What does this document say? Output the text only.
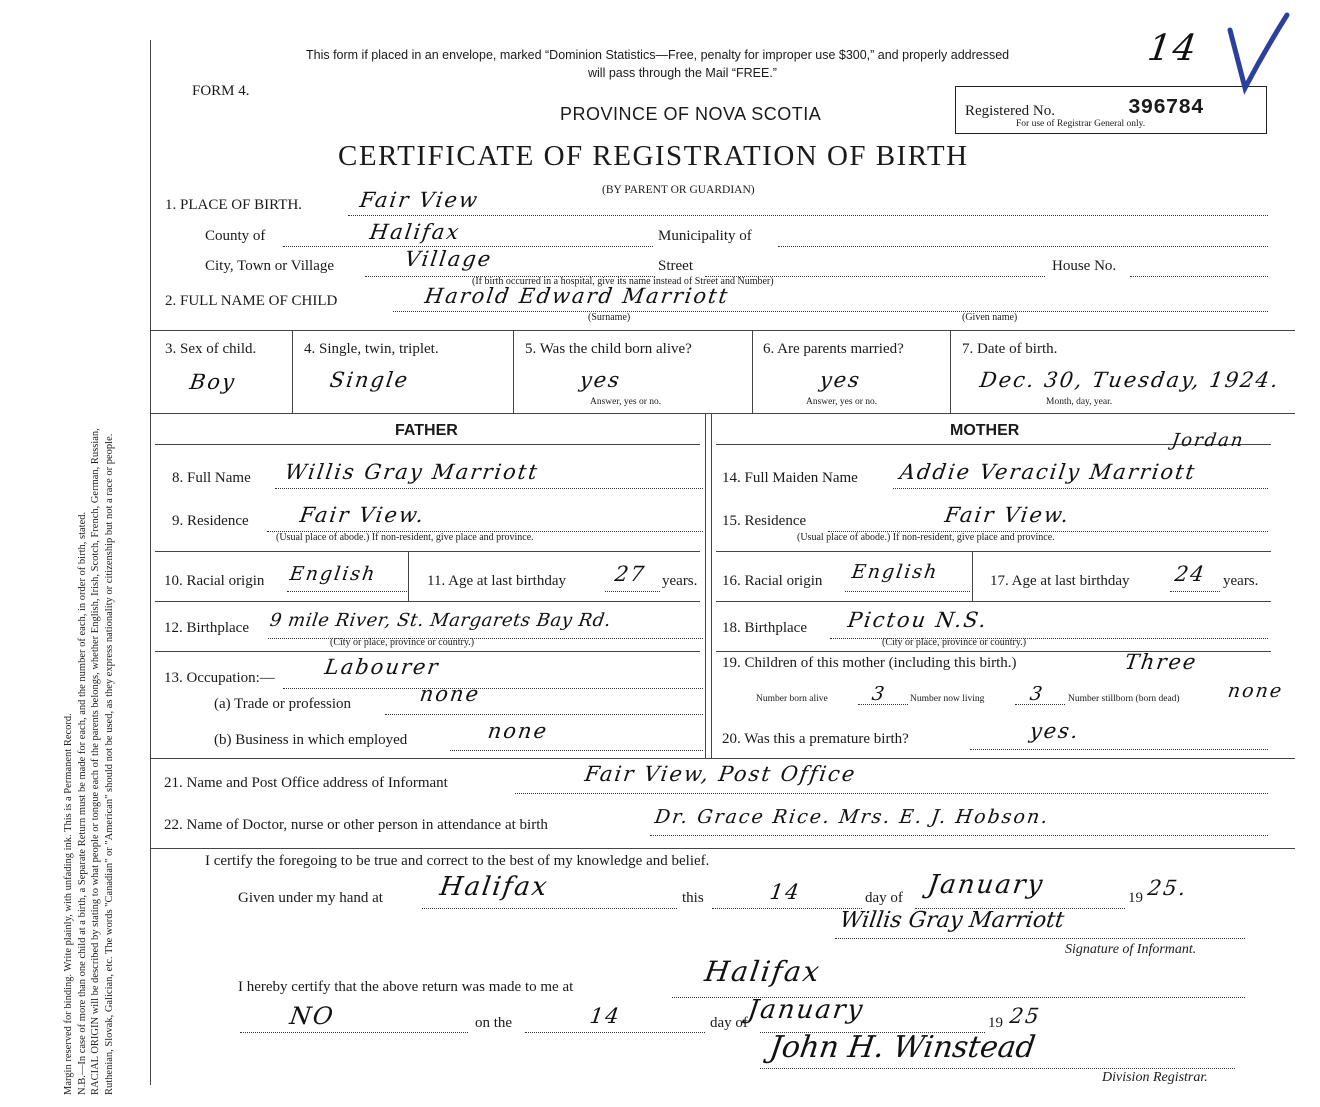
Margin reserved for binding. Write plainly, with unfading ink. This is a Permanent Record. N.B.—In case of more than one child at a birth, a Separate Return must be made for each, and the number of each, in order of birth, stated. RACIAL ORIGIN will be described by stating to what people or tongue each of the parents belongs, whether English, Irish, Scotch, French, German, Russian, Ruthenian, Slovak, Galician, etc. The words "Canadian" or "American" should not be used, as they express nationality or citizenship but not a race or people.
This form if placed in an envelope, marked “Dominion Statistics—Free, penalty for improper use $300,” and properly addressed
will pass through the Mail “FREE.”
FORM 4.
PROVINCE OF NOVA SCOTIA
CERTIFICATE OF REGISTRATION OF BIRTH
(BY PARENT OR GUARDIAN)
Registered No.	396784
For use of Registrar General only.
14
1. PLACE OF BIRTH.	Fair View
County of	Halifax	Municipality of
City, Town or Village	Village	Street	House No.
(If birth occurred in a hospital, give its name instead of Street and Number)
2. FULL NAME OF CHILD	Harold Edward Marriott
(Surname)	(Given name)
3. Sex of child.
Boy
4. Single, twin, triplet.
Single
5. Was the child born alive?
yes
Answer, yes or no.
6. Are parents married?
yes
Answer, yes or no.
7. Date of birth.
Dec. 30, Tuesday, 1924.
Month, day, year.
FATHER	MOTHER
8. Full Name Willis Gray Marriott
9. Residence Fair View.
(Usual place of abode.) If non-resident, give place and province.
10. Racial origin English	11. Age at last birthday 27 years.
12. Birthplace 9 mile River, St. Margarets Bay Rd.
(City or place, province or country.)
13. Occupation:— Labourer
(a) Trade or profession	none
(b) Business in which employed	none
14. Full Maiden Name Addie Veracily Marriott
Jordan
15. Residence	Fair View.
(Usual place of abode.) If non-resident, give place and province.
16. Racial origin English	17. Age at last birthday 24 years.
18. Birthplace Pictou N.S.
(City or place, province or country.)
19. Children of this mother (including this birth.)	Three
Number born alive 3 Number now living 3 Number stillborn (born dead) none
20. Was this a premature birth?	yes.
21. Name and Post Office address of Informant	Fair View, Post Office
22. Name of Doctor, nurse or other person in attendance at birth	Dr. Grace Rice. Mrs. E. J. Hobson.
I certify the foregoing to be true and correct to the best of my knowledge and belief.
Given under my hand at Halifax	this	14	day of January	19 25.
Willis Gray Marriott
Signature of Informant.
I hereby certify that the above return was made to me at	Halifax
NO	on the	14	day of
January	19 25
John H. Winstead
Division Registrar.
